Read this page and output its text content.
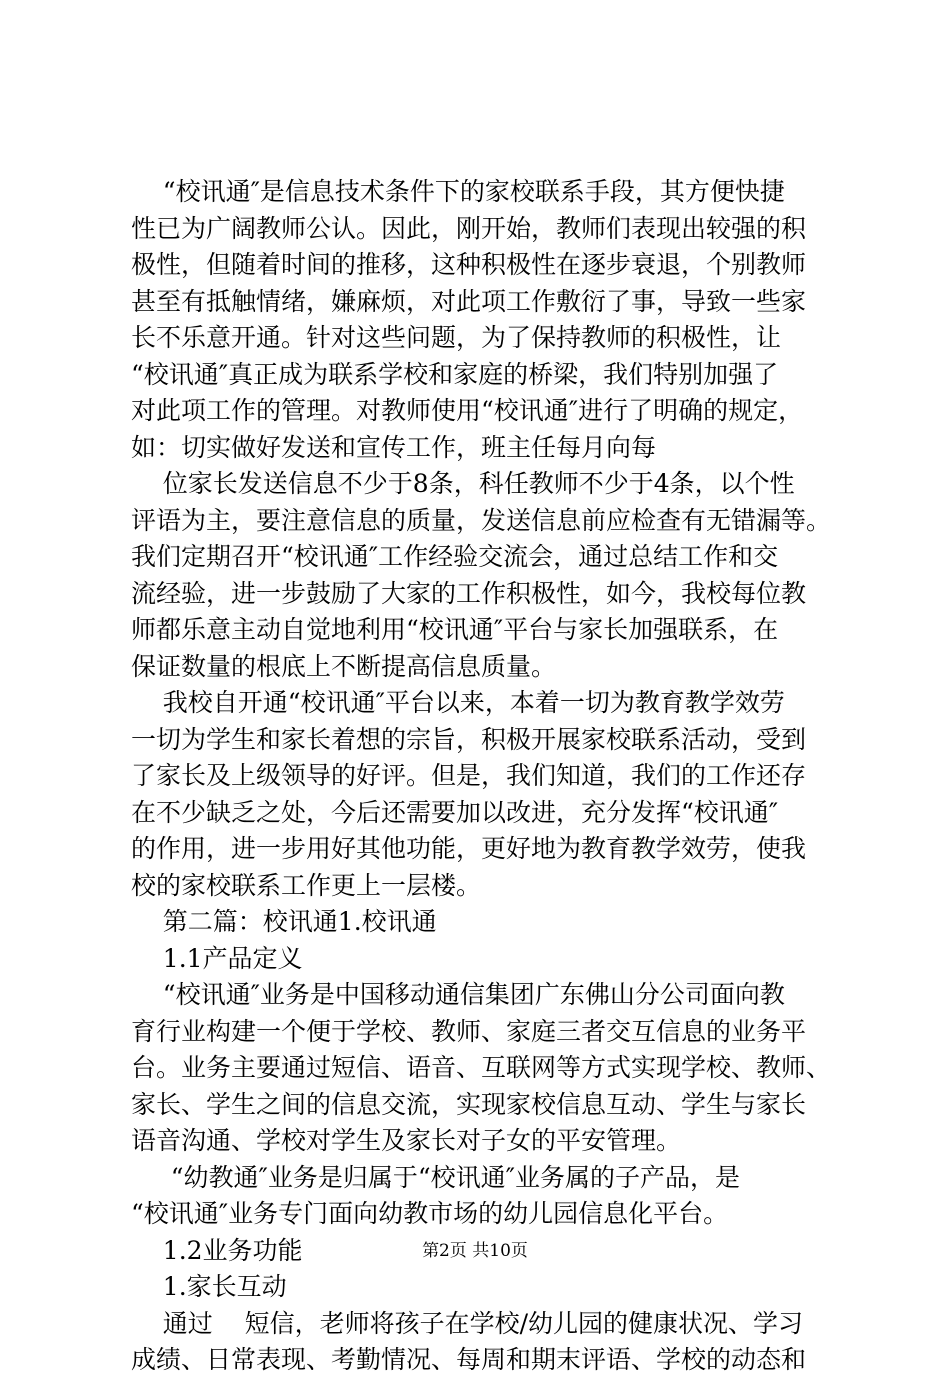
“校讯通″是信息技术条件下的家校联系手段，其方便快捷
性已为广阔教师公认。因此，刚开始，教师们表现出较强的积
极性，但随着时间的推移，这种积极性在逐步衰退，个别教师
甚至有抵触情绪，嫌麻烦，对此项工作敷衍了事，导致一些家
长不乐意开通。针对这些问题，为了保持教师的积极性，让
“校讯通″真正成为联系学校和家庭的桥梁，我们特别加强了
对此项工作的管理。对教师使用“校讯通″进行了明确的规定，
如：切实做好发送和宣传工作，班主任每月向每
位家长发送信息不少于8条，科任教师不少于4条，以个性
评语为主，要注意信息的质量，发送信息前应检查有无错漏等。
我们定期召开“校讯通″工作经验交流会，通过总结工作和交
流经验，进一步鼓励了大家的工作积极性，如今，我校每位教
师都乐意主动自觉地利用“校讯通″平台与家长加强联系，在
保证数量的根底上不断提高信息质量。
我校自开通“校讯通″平台以来，本着一切为教育教学效劳
一切为学生和家长着想的宗旨，积极开展家校联系活动，受到
了家长及上级领导的好评。但是，我们知道，我们的工作还存
在不少缺乏之处，今后还需要加以改进，充分发挥“校讯通″
的作用，进一步用好其他功能，更好地为教育教学效劳，使我
校的家校联系工作更上一层楼。
第二篇：校讯通1.校讯通
1.1产品定义
“校讯通″业务是中国移动通信集团广东佛山分公司面向教
育行业构建一个便于学校、教师、家庭三者交互信息的业务平
台。业务主要通过短信、语音、互联网等方式实现学校、教师、
家长、学生之间的信息交流，实现家校信息互动、学生与家长
语音沟通、学校对学生及家长对子女的平安管理。
“幼教通″业务是归属于“校讯通″业务属的子产品，是
“校讯通″业务专门面向幼教市场的幼儿园信息化平台。
1.2业务功能
1.家长互动
通过    短信，老师将孩子在学校/幼儿园的健康状况、学习
成绩、日常表现、考勤情况、每周和期末评语、学校的动态和
第2页 共10页
